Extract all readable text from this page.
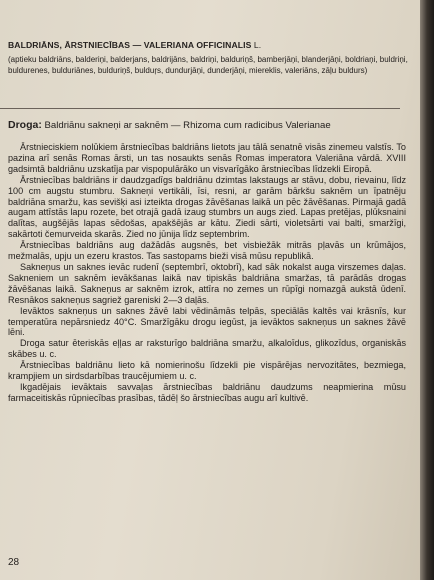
BALDRIĀNS, ĀRSTNIECĪBAS — VALERIANA OFFICINALIS L.

(aptieku baldriāns, balderiņi, balderjans, baldrijāns, baldriņi, balduriņš, bamberjāņi, blanderjāņi, boldriaņi, buldriņi, buldurenes, bulduriānes, bulduriņš, bulduŗs, dundurjāņi, dunderjāņi, miereklis, valeriāns, zāļu buldurs)

Droga: Baldriānu sakneņi ar saknēm — Rhizoma cum radicibus Valerianae

Ārstnieciskiem nolūkiem ārstniecības baldriāns lietots jau tālā senatnē visās zinemeu valstīs. To pazina arī senās Romas ārsti, un tas nosaukts senās Romas imperatora Valeriāna vārdā. XVIII gadsimtā baldriānu uzskatīja par vispopulārāko un visvarīgāko ārstniecības līdzekli Eiropā.

Ārstniecības baldriāns ir daudzgadīgs baldriānu dzimtas lakstaugs ar stāvu, dobu, rievainu, līdz 100 cm augstu stumbru. Sakneņi vertikāli, īsi, resni, ar garām bārkšu saknēm un īpatnēju baldriāna smaržu, kas sevišķi asi izteikta drogas žāvēšanas laikā un pēc žāvēšanas. Pirmajā gadā augam attīstās lapu rozete, bet otrajā gadā izaug stumbrs un augs zied. Lapas pretējas, plūksnaini dalītas, augšējās lapas sēdošas, apakšējās ar kātu. Ziedi sārti, violetsārti vai balti, smaržīgi, sakārtoti čemurveida skarās. Zied no jūnija līdz septembrim.

Ārstniecības baldriāns aug dažādās augsnēs, bet visbiežāk mitrās pļavās un krūmājos, mežmalās, upju un ezeru krastos. Tas sastopams bieži visā mūsu republikā.

Sakneņus un saknes ievāc rudenī (septembrī, oktobrī), kad sāk nokalst auga virszemes daļas. Sakneniem un saknēm ievākšanas laikā nav tipiskās baldriāna smaržas, tā parādās drogas žāvēšanas laikā. Sakneņus ar saknēm izrok, attīra no zemes un rūpīgi nomazgā aukstā ūdenī. Resnākos sakneņus sagriež gareniski 2—3 daļās.

Ievāktos sakneņus un saknes žāvē labi vēdināmās telpās, speciālās kaltēs vai krāsnīs, kur temperatūra nepārsniedz 40°C. Smaržīgāku drogu iegūst, ja ievāktos sakneņus un saknes žāvē lēni.

Droga satur ēteriskās eļļas ar raksturīgo baldriāna smaržu, alkaloīdus, glikozīdus, organiskās skābes u. c.

Ārstniecības baldriānu lieto kā nomierinošu līdzekli pie vispārējas nervozitātes, bezmiega, krampjiem un sirdsdarbības traucējumiem u. c.

Ikgadējais ievāktais savvaļas ārstniecības baldriānu daudzums neapmierina mūsu farmaceitiskās rūpniecības prasības, tādēļ šo ārstniecības augu arī kultivē.

28
